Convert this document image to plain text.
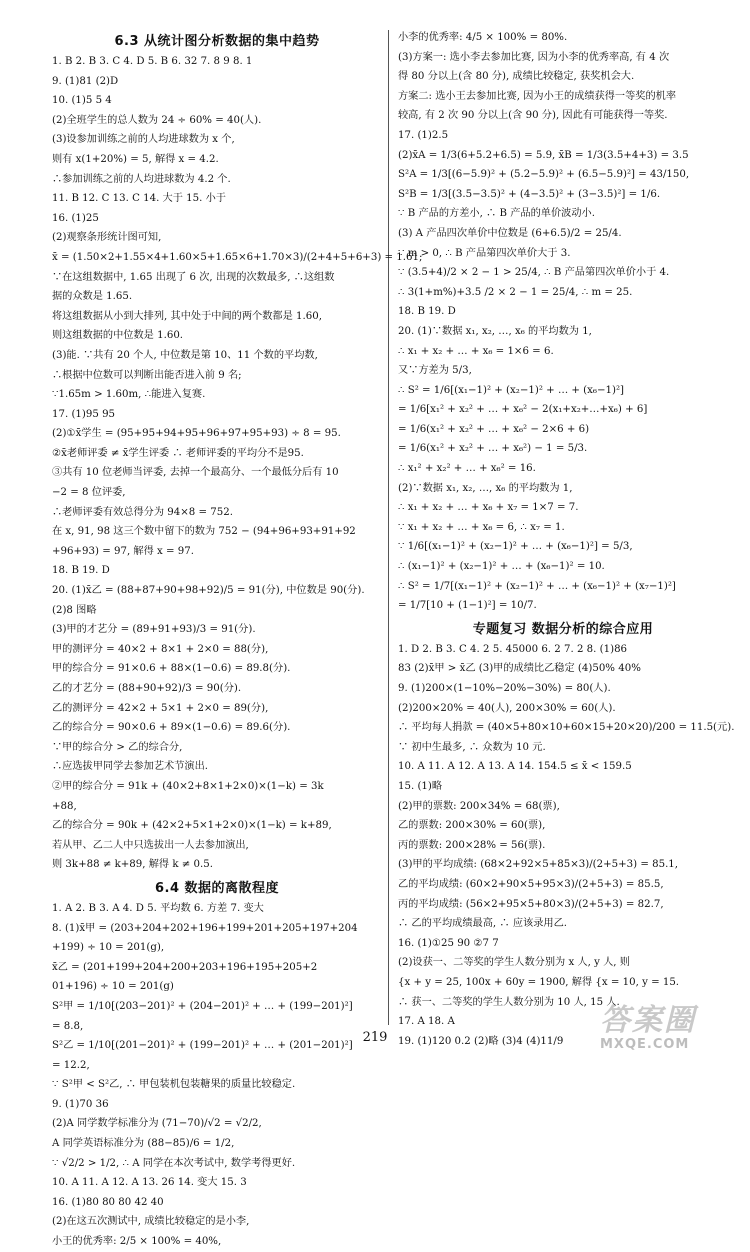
6.3 从统计图分析数据的集中趋势
1. B 2. B 3. C 4. D 5. B 6. 32 7. 8 9 8. 1
9. (1)81 (2)D
10. (1)5 5 4
(2)全班学生的总人数为 24 ÷ 60% = 40(人).
(3)设参加训练之前的人均进球数为 x 个,
则有 x(1+20%) = 5, 解得 x = 4.2.
∴参加训练之前的人均进球数为 4.2 个.
11. B 12. C 13. C 14. 大于 15. 小于
16. (1)25
(2)观察条形统计图可知,
x̄ = (1.50×2+1.55×4+1.60×5+1.65×6+1.70×3)/(2+4+5+6+3) = 1.61;
∵在这组数据中, 1.65 出现了 6 次, 出现的次数最多, ∴这组数
据的众数是 1.65.
将这组数据从小到大排列, 其中处于中间的两个数都是 1.60,
则这组数据的中位数是 1.60.
(3)能. ∵共有 20 个人, 中位数是第 10、11 个数的平均数,
∴根据中位数可以判断出能否进入前 9 名;
∵1.65m > 1.60m, ∴能进入复赛.
17. (1)95 95
(2)①x̄学生 = (95+95+94+95+96+97+95+93) ÷ 8 = 95.
②x̄老师评委 ≠ x̄学生评委 ∴ 老师评委的平均分不是95.
③共有 10 位老师当评委, 去掉一个最高分、一个最低分后有 10
−2 = 8 位评委,
∴老师评委有效总得分为 94×8 = 752.
在 x, 91, 98 这三个数中留下的数为 752 − (94+96+93+91+92
+96+93) = 97, 解得 x = 97.
18. B 19. D
20. (1)x̄乙 = (88+87+90+98+92)/5 = 91(分), 中位数是 90(分).
(2)8 图略
(3)甲的才艺分 = (89+91+93)/3 = 91(分).
甲的测评分 = 40×2 + 8×1 + 2×0 = 88(分),
甲的综合分 = 91×0.6 + 88×(1−0.6) = 89.8(分).
乙的才艺分 = (88+90+92)/3 = 90(分).
乙的测评分 = 42×2 + 5×1 + 2×0 = 89(分),
乙的综合分 = 90×0.6 + 89×(1−0.6) = 89.6(分).
∵甲的综合分 > 乙的综合分,
∴应选拔甲同学去参加艺术节演出.
②甲的综合分 = 91k + (40×2+8×1+2×0)×(1−k) = 3k
+88,
乙的综合分 = 90k + (42×2+5×1+2×0)×(1−k) = k+89,
若从甲、乙二人中只选拔出一人去参加演出,
则 3k+88 ≠ k+89, 解得 k ≠ 0.5.
6.4 数据的离散程度
1. A 2. B 3. A 4. D 5. 平均数 6. 方差 7. 变大
8. (1)x̄甲 = (203+204+202+196+199+201+205+197+204
+199) ÷ 10 = 201(g),
x̄乙 = (201+199+204+200+203+196+195+205+2
01+196) ÷ 10 = 201(g)
S²甲 = 1/10[(203−201)² + (204−201)² + … + (199−201)²]
= 8.8,
S²乙 = 1/10[(201−201)² + (199−201)² + … + (201−201)²]
= 12.2,
∵ S²甲 < S²乙, ∴ 甲包装机包装糖果的质量比较稳定.
9. (1)70 36
(2)A 同学数学标准分为 (71−70)/√2 = √2/2,
A 同学英语标准分为 (88−85)/6 = 1/2,
∵ √2/2 > 1/2, ∴ A 同学在本次考试中, 数学考得更好.
10. A 11. A 12. A 13. 26 14. 变大 15. 3
16. (1)80 80 80 42 40
(2)在这五次测试中, 成绩比较稳定的是小李,
小王的优秀率: 2/5 × 100% = 40%,
小李的优秀率: 4/5 × 100% = 80%.
(3)方案一: 选小李去参加比赛, 因为小李的优秀率高, 有 4 次
得 80 分以上(含 80 分), 成绩比较稳定, 获奖机会大.
方案二: 选小王去参加比赛, 因为小王的成绩获得一等奖的机率
较高, 有 2 次 90 分以上(含 90 分), 因此有可能获得一等奖.
17. (1)2.5
(2)x̄A = 1/3(6+5.2+6.5) = 5.9, x̄B = 1/3(3.5+4+3) = 3.5
S²A = 1/3[(6−5.9)² + (5.2−5.9)² + (6.5−5.9)²] = 43/150,
S²B = 1/3[(3.5−3.5)² + (4−3.5)² + (3−3.5)²] = 1/6.
∵ B 产品的方差小, ∴ B 产品的单价波动小.
(3) A 产品四次单价中位数是 (6+6.5)/2 = 25/4.
∵ m > 0, ∴ B 产品第四次单价大于 3.
∵ (3.5+4)/2 × 2 − 1 > 25/4, ∴ B 产品第四次单价小于 4.
∴ 3(1+m%)+3.5 /2 × 2 − 1 = 25/4, ∴ m = 25.
18. B 19. D
20. (1)∵数据 x₁, x₂, …, x₆ 的平均数为 1,
∴ x₁ + x₂ + … + x₆ = 1×6 = 6.
又∵方差为 5/3,
∴ S² = 1/6[(x₁−1)² + (x₂−1)² + … + (x₆−1)²]
= 1/6[x₁² + x₂² + … + x₆² − 2(x₁+x₂+…+x₆) + 6]
= 1/6(x₁² + x₂² + … + x₆² − 2×6 + 6)
= 1/6(x₁² + x₂² + … + x₆²) − 1 = 5/3.
∴ x₁² + x₂² + … + x₆² = 16.
(2)∵数据 x₁, x₂, …, x₆ 的平均数为 1,
∴ x₁ + x₂ + … + x₆ + x₇ = 1×7 = 7.
∵ x₁ + x₂ + … + x₆ = 6, ∴ x₇ = 1.
∵ 1/6[(x₁−1)² + (x₂−1)² + … + (x₆−1)²] = 5/3,
∴ (x₁−1)² + (x₂−1)² + … + (x₆−1)² = 10.
∴ S² = 1/7[(x₁−1)² + (x₂−1)² + … + (x₆−1)² + (x₇−1)²]
= 1/7[10 + (1−1)²] = 10/7.
专题复习 数据分析的综合应用
1. D 2. B 3. C 4. 2 5. 45000 6. 2 7. 2 8. (1)86
83 (2)x̄甲 > x̄乙 (3)甲的成绩比乙稳定 (4)50% 40%
9. (1)200×(1−10%−20%−30%) = 80(人).
(2)200×20% = 40(人), 200×30% = 60(人).
∴ 平均每人捐款 = (40×5+80×10+60×15+20×20)/200 = 11.5(元).
∵ 初中生最多, ∴ 众数为 10 元.
10. A 11. A 12. A 13. A 14. 154.5 ≤ x̄ < 159.5
15. (1)略
(2)甲的票数: 200×34% = 68(票),
乙的票数: 200×30% = 60(票),
丙的票数: 200×28% = 56(票).
(3)甲的平均成绩: (68×2+92×5+85×3)/(2+5+3) = 85.1,
乙的平均成绩: (60×2+90×5+95×3)/(2+5+3) = 85.5,
丙的平均成绩: (56×2+95×5+80×3)/(2+5+3) = 82.7,
∴ 乙的平均成绩最高, ∴ 应该录用乙.
16. (1)①25 90 ②7 7
(2)设获一、二等奖的学生人数分别为 x 人, y 人, 则
{x + y = 25, 100x + 60y = 1900, 解得 {x = 10, y = 15.
∴ 获一、二等奖的学生人数分别为 10 人, 15 人.
17. A 18. A
19. (1)120 0.2 (2)略 (3)4 (4)11/9
219	答案圈
MXQE.COM
